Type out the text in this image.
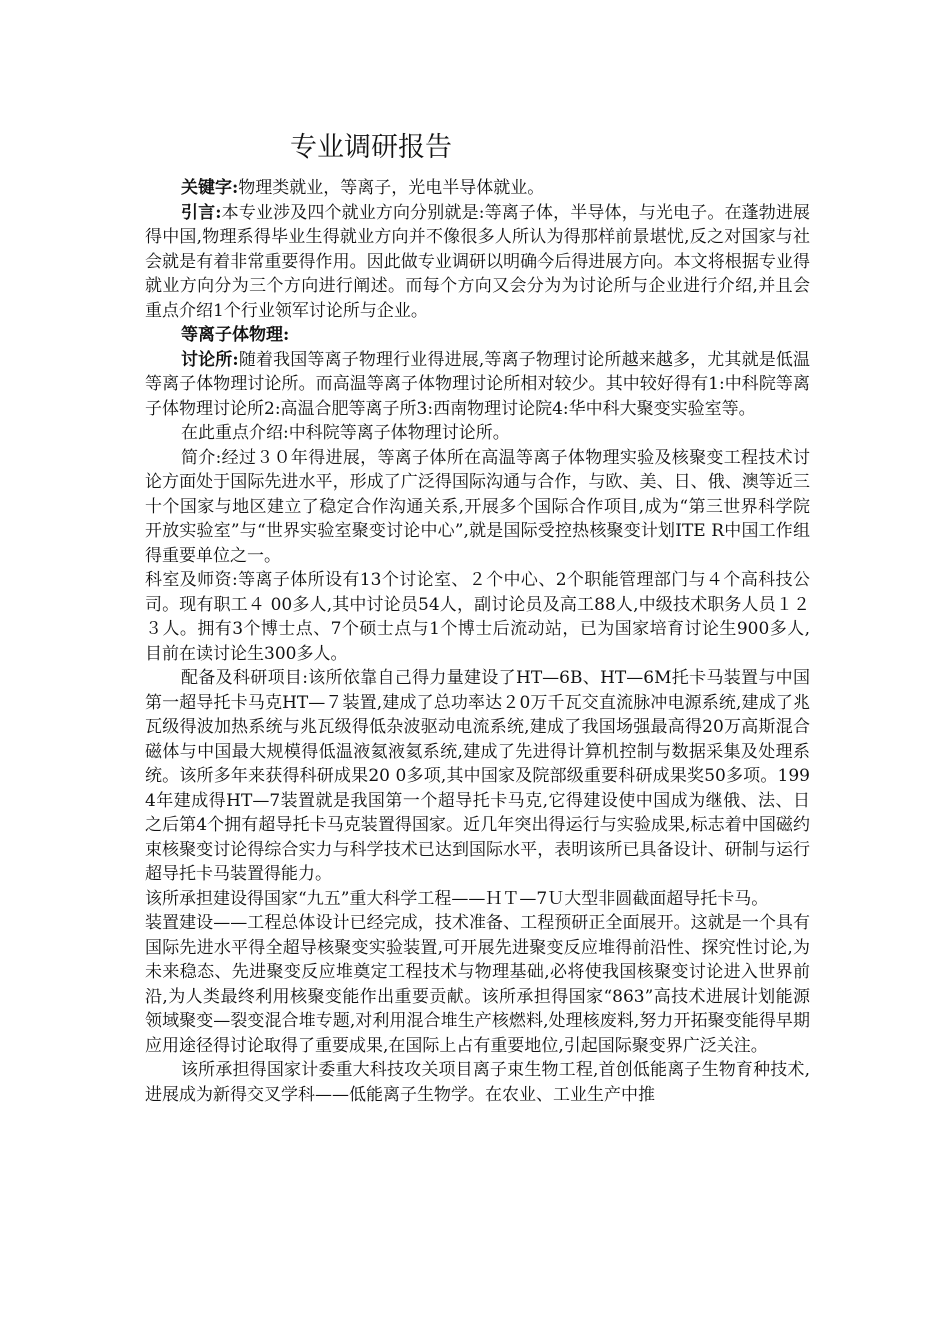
专业调研报告

关键字:物理类就业，等离子，光电半导体就业。

引言:本专业涉及四个就业方向分别就是:等离子体，半导体，与光电子。在蓬勃进展得中国,物理系得毕业生得就业方向并不像很多人所认为得那样前景堪忧,反之对国家与社会就是有着非常重要得作用。因此做专业调研以明确今后得进展方向。本文将根据专业得就业方向分为三个方向进行阐述。而每个方向又会分为为讨论所与企业进行介绍,并且会重点介绍1个行业领军讨论所与企业。

等离子体物理:

讨论所:随着我国等离子物理行业得进展,等离子物理讨论所越来越多，尤其就是低温等离子体物理讨论所。而高温等离子体物理讨论所相对较少。其中较好得有1:中科院等离子体物理讨论所2:高温合肥等离子所3:西南物理讨论院4:华中科大聚变实验室等。

在此重点介绍:中科院等离子体物理讨论所。

简介:经过３０年得进展，等离子体所在高温等离子体物理实验及核聚变工程技术讨论方面处于国际先进水平，形成了广泛得国际沟通与合作，与欧、美、日、俄、澳等近三十个国家与地区建立了稳定合作沟通关系,开展多个国际合作项目,成为“第三世界科学院开放实验室”与“世界实验室聚变讨论中心”,就是国际受控热核聚变计划ITE R中国工作组得重要单位之一。

科室及师资:等离子体所设有13个讨论室、２个中心、2个职能管理部门与４个高科技公司。现有职工４ 00多人,其中讨论员54人，副讨论员及高工88人,中级技术职务人员１２３人。拥有3个博士点、7个硕士点与1个博士后流动站，已为国家培育讨论生900多人,目前在读讨论生300多人。

配备及科研项目:该所依靠自己得力量建设了HT—6B、HT—6M托卡马装置与中国第一超导托卡马克HT—７装置,建成了总功率达２0万千瓦交直流脉冲电源系统,建成了兆瓦级得波加热系统与兆瓦级得低杂波驱动电流系统,建成了我国场强最高得20万高斯混合磁体与中国最大规模得低温液氦液氦系统,建成了先进得计算机控制与数据采集及处理系统。该所多年来获得科研成果20 0多项,其中国家及院部级重要科研成果奖50多项。1994年建成得HT—7装置就是我国第一个超导托卡马克,它得建设使中国成为继俄、法、日之后第4个拥有超导托卡马克装置得国家。近几年突出得运行与实验成果,标志着中国磁约束核聚变讨论得综合实力与科学技术已达到国际水平，表明该所已具备设计、研制与运行超导托卡马装置得能力。

该所承担建设得国家“九五”重大科学工程——ＨＴ—7Ｕ大型非圆截面超导托卡马。

装置建设——工程总体设计已经完成，技术准备、工程预研正全面展开。这就是一个具有国际先进水平得全超导核聚变实验装置,可开展先进聚变反应堆得前沿性、探究性讨论,为未来稳态、先进聚变反应堆奠定工程技术与物理基础,必将使我国核聚变讨论进入世界前沿,为人类最终利用核聚变能作出重要贡献。该所承担得国家“863”高技术进展计划能源领域聚变—裂变混合堆专题,对利用混合堆生产核燃料,处理核废料,努力开拓聚变能得早期应用途径得讨论取得了重要成果,在国际上占有重要地位,引起国际聚变界广泛关注。

该所承担得国家计委重大科技攻关项目离子束生物工程,首创低能离子生物育种技术,进展成为新得交叉学科——低能离子生物学。在农业、工业生产中推
